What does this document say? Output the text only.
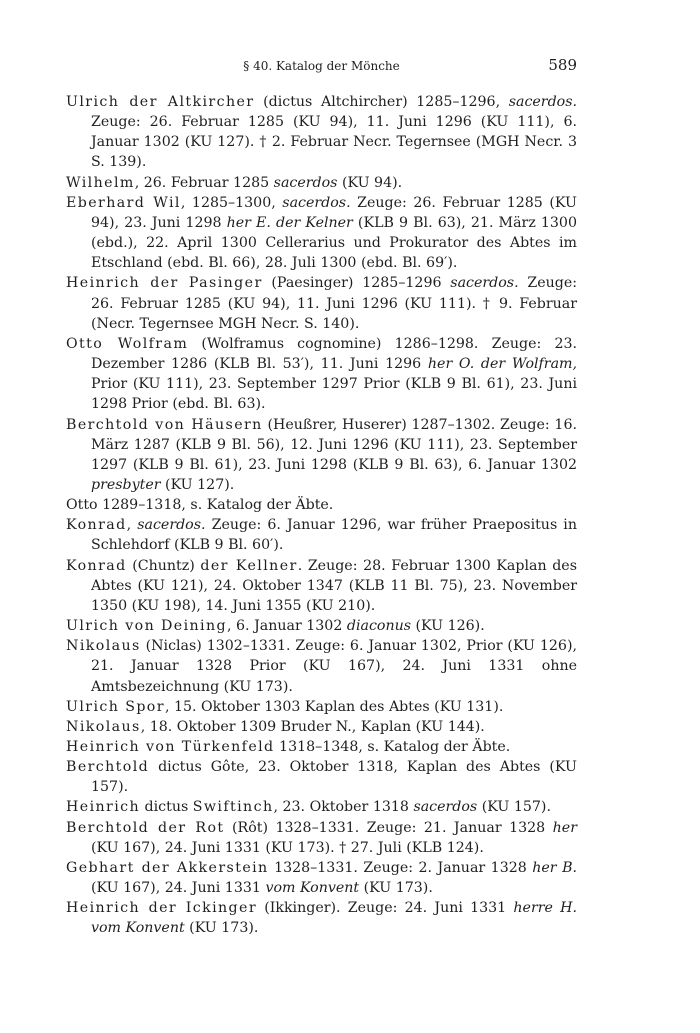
§ 40. Katalog der Mönche	589

Ulrich der Altkircher (dictus Altchircher) 1285–1296, sacerdos. Zeuge: 26. Februar 1285 (KU 94), 11. Juni 1296 (KU 111), 6. Januar 1302 (KU 127). † 2. Februar Necr. Tegernsee (MGH Necr. 3 S. 139).

Wilhelm, 26. Februar 1285 sacerdos (KU 94).

Eberhard Wil, 1285–1300, sacerdos. Zeuge: 26. Februar 1285 (KU 94), 23. Juni 1298 her E. der Kelner (KLB 9 Bl. 63), 21. März 1300 (ebd.), 22. April 1300 Cellerarius und Prokurator des Abtes im Etschland (ebd. Bl. 66), 28. Juli 1300 (ebd. Bl. 69′).

Heinrich der Pasinger (Paesinger) 1285–1296 sacerdos. Zeuge: 26. Februar 1285 (KU 94), 11. Juni 1296 (KU 111). † 9. Februar (Necr. Tegernsee MGH Necr. S. 140).

Otto Wolfram (Wolframus cognomine) 1286–1298. Zeuge: 23. Dezember 1286 (KLB Bl. 53′), 11. Juni 1296 her O. der Wolfram, Prior (KU 111), 23. September 1297 Prior (KLB 9 Bl. 61), 23. Juni 1298 Prior (ebd. Bl. 63).

Berchtold von Häusern (Heußrer, Huserer) 1287–1302. Zeuge: 16. März 1287 (KLB 9 Bl. 56), 12. Juni 1296 (KU 111), 23. September 1297 (KLB 9 Bl. 61), 23. Juni 1298 (KLB 9 Bl. 63), 6. Januar 1302 presbyter (KU 127).

Otto 1289–1318, s. Katalog der Äbte.

Konrad, sacerdos. Zeuge: 6. Januar 1296, war früher Praepositus in Schlehdorf (KLB 9 Bl. 60′).

Konrad (Chuntz) der Kellner. Zeuge: 28. Februar 1300 Kaplan des Abtes (KU 121), 24. Oktober 1347 (KLB 11 Bl. 75), 23. November 1350 (KU 198), 14. Juni 1355 (KU 210).

Ulrich von Deining, 6. Januar 1302 diaconus (KU 126).

Nikolaus (Niclas) 1302–1331. Zeuge: 6. Januar 1302, Prior (KU 126), 21. Januar 1328 Prior (KU 167), 24. Juni 1331 ohne Amtsbezeichnung (KU 173).

Ulrich Spor, 15. Oktober 1303 Kaplan des Abtes (KU 131).

Nikolaus, 18. Oktober 1309 Bruder N., Kaplan (KU 144).

Heinrich von Türkenfeld 1318–1348, s. Katalog der Äbte.

Berchtold dictus Gôte, 23. Oktober 1318, Kaplan des Abtes (KU 157).

Heinrich dictus Swiftinch, 23. Oktober 1318 sacerdos (KU 157).

Berchtold der Rot (Rôt) 1328–1331. Zeuge: 21. Januar 1328 her (KU 167), 24. Juni 1331 (KU 173). † 27. Juli (KLB 124).

Gebhart der Akkerstein 1328–1331. Zeuge: 2. Januar 1328 her B. (KU 167), 24. Juni 1331 vom Konvent (KU 173).

Heinrich der Ickinger (Ikkinger). Zeuge: 24. Juni 1331 herre H. vom Konvent (KU 173).
